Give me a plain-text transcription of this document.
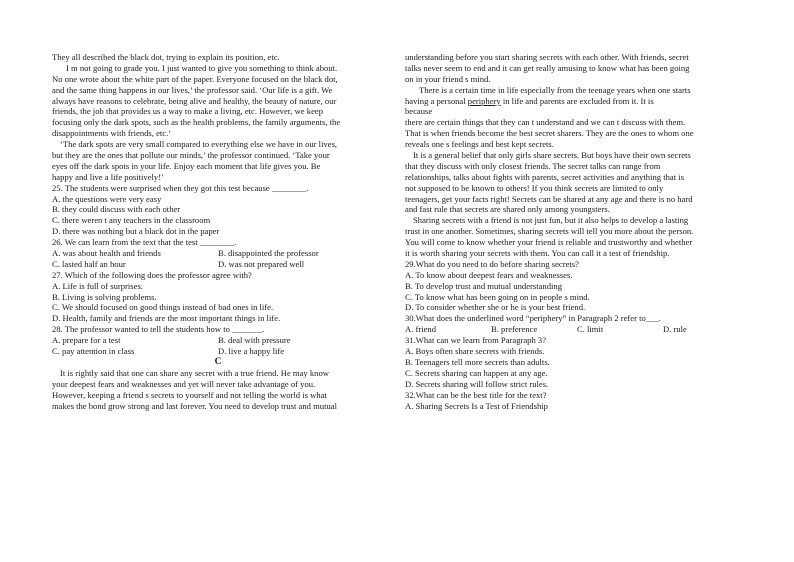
They all described the black dot, trying to explain its position, etc.
I m not going to grade you. I just wanted to give you something to think about.
No one wrote about the white part of the paper. Everyone focused on the black dot,
and the same thing happens in our lives,’ the professor said. ‘Our life is a gift. We
always have reasons to celebrate, being alive and healthy, the beauty of nature, our
friends, the job that provides us a way to make a living, etc. However, we keep
focusing only the dark spots, such as the health problems, the family arguments, the
disappointments with friends, etc.’
‘The dark spots are very small compared to everything else we have in our lives,
but they are the ones that pollute our minds,’ the professor continued. ‘Take your
eyes off the dark spots in your life. Enjoy each moment that life gives you. Be
happy and live a life positively!’
25. The students were surprised when they got this test because ________.
A. the questions were very easy
B. they could discuss with each other
C. there weren t any teachers in the classroom
D. there was nothing but a black dot in the paper
26. We can learn from the text that the test ________.
A. was about health and friends	B. disappointed the professor
C. lasted half an hour	D. was not prepared well
27. Which of the following does the professor agree with?
A. Life is full of surprises.
B. Living is solving problems.
C. We should focused on good things instead of bad ones in life.
D. Health, family and friends are the most important things in life.
28. The professor wanted to tell the students how to _______.
A. prepare for a test	B. deal with pressure
C. pay attention in class	D. live a happy life
C
It is rightly said that one can share any secret with a true friend. He may know
your deepest fears and weaknesses and yet will never take advantage of you.
However, keeping a friend s secrets to yourself and not telling the world is what
makes the bond grow strong and last forever. You need to develop trust and mutual
understanding before you start sharing secrets with each other. With friends, secret
talks never seem to end and it can get really amusing to know what has been going
on in your friend s mind.
There is a certain time in life especially from the teenage years when one starts
having a personal periphery in life and parents are excluded from it. It is
because
there are certain things that they can t understand and we can t discuss with them.
That is when friends become the best secret sharers. They are the ones to whom one
reveals one s feelings and best kept secrets.
It is a general belief that only girls share secrets. But boys have their own secrets
that they discuss with only closest friends. The secret talks can range from
relationships, talks about fights with parents, secret activities and anything that is
not supposed to be known to others! If you think secrets are limited to only
teenagers, get your facts right! Secrets can be shared at any age and there is no hard
and fast rule that secrets are shared only among youngsters.
Sharing secrets with a friend is not just fun, but it also helps to develop a lasting
trust in one another. Sometimes, sharing secrets will tell you more about the person.
You will come to know whether your friend is reliable and trustworthy and whether
it is worth sharing your secrets with them. You can call it a test of friendship.
29.What do you need to do before sharing secrets?
A. To know about deepest fears and weaknesses.
B. To develop trust and mutual understanding
C. To know what has been going on in people s mind.
D. To consider whether she or he is your best friend.
30.What does the underlined word “periphery” in Paragraph 2 refer to___.
A. friend	B. preference	C. limit	D. rule
31.What can we learn from Paragraph 3?
A. Boys often share secrets with friends.
B. Teenagers tell more secrets than adults.
C. Secrets sharing can happen at any age.
D. Secrets sharing will follow strict rules.
32.What can be the best title for the text?
A. Sharing Secrets Is a Test of Friendship
